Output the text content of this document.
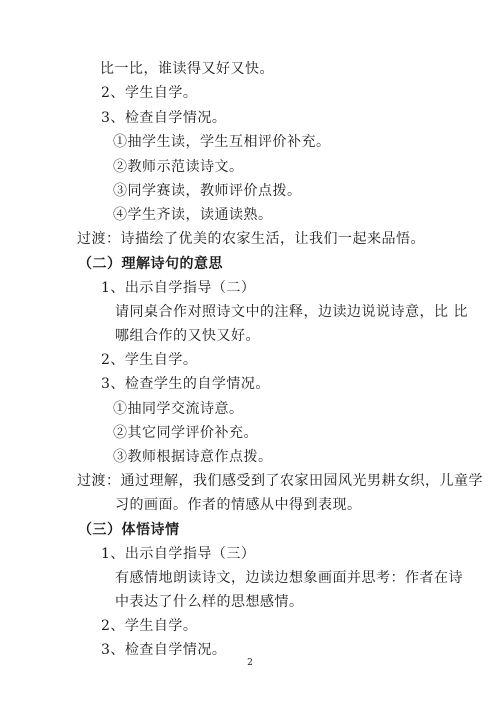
比一比，谁读得又好又快。
2、学生自学。
3、检查自学情况。
①抽学生读，学生互相评价补充。
②教师示范读诗文。
③同学赛读，教师评价点拨。
④学生齐读，读通读熟。
过渡：诗描绘了优美的农家生活，让我们一起来品悟。
（二）理解诗句的意思
1、出示自学指导（二）
请同桌合作对照诗文中的注释，边读边说说诗意，比 比
哪组合作的又快又好。
2、学生自学。
3、检查学生的自学情况。
①抽同学交流诗意。
②其它同学评价补充。
③教师根据诗意作点拨。
过渡：通过理解，我们感受到了农家田园风光男耕女织，儿童学
习的画面。作者的情感从中得到表现。
（三）体悟诗情
1、出示自学指导（三）
有感情地朗读诗文，边读边想象画面并思考：作者在诗
中表达了什么样的思想感情。
2、学生自学。
3、检查自学情况。
2
